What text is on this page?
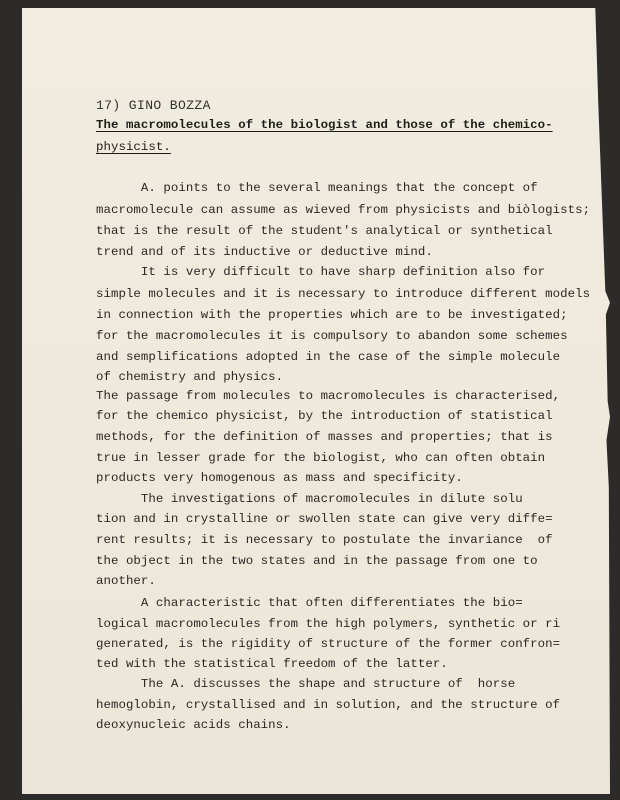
17) GINO BOZZA

The macromolecules of the biologist and those of the chemico-

physicist.

A. points to the several meanings that the concept of

macromolecule can assume as wieved from physicists and biòlogists;

that is the result of the student's analytical or synthetical

trend and of its inductive or deductive mind.

It is very difficult to have sharp definition also for

simple molecules and it is necessary to introduce different models

in connection with the properties which are to be investigated;

for the macromolecules it is compulsory to abandon some schemes

and semplifications adopted in the case of the simple molecule

of chemistry and physics.

The passage from molecules to macromolecules is characterised,

for the chemico physicist, by the introduction of statistical

methods, for the definition of masses and properties; that is

true in lesser grade for the biologist, who can often obtain

products very homogenous as mass and specificity.

The investigations of macromolecules in dilute solu

tion and in crystalline or swollen state can give very diffe=

rent results; it is necessary to postulate the invariance  of

the object in the two states and in the passage from one to

another.

A characteristic that often differentiates the bio=

logical macromolecules from the high polymers, synthetic or ri

generated, is the rigidity of structure of the former confron=

ted with the statistical freedom of the latter.

The A. discusses the shape and structure of  horse

hemoglobin, crystallised and in solution, and the structure of

deoxynucleic acids chains.
